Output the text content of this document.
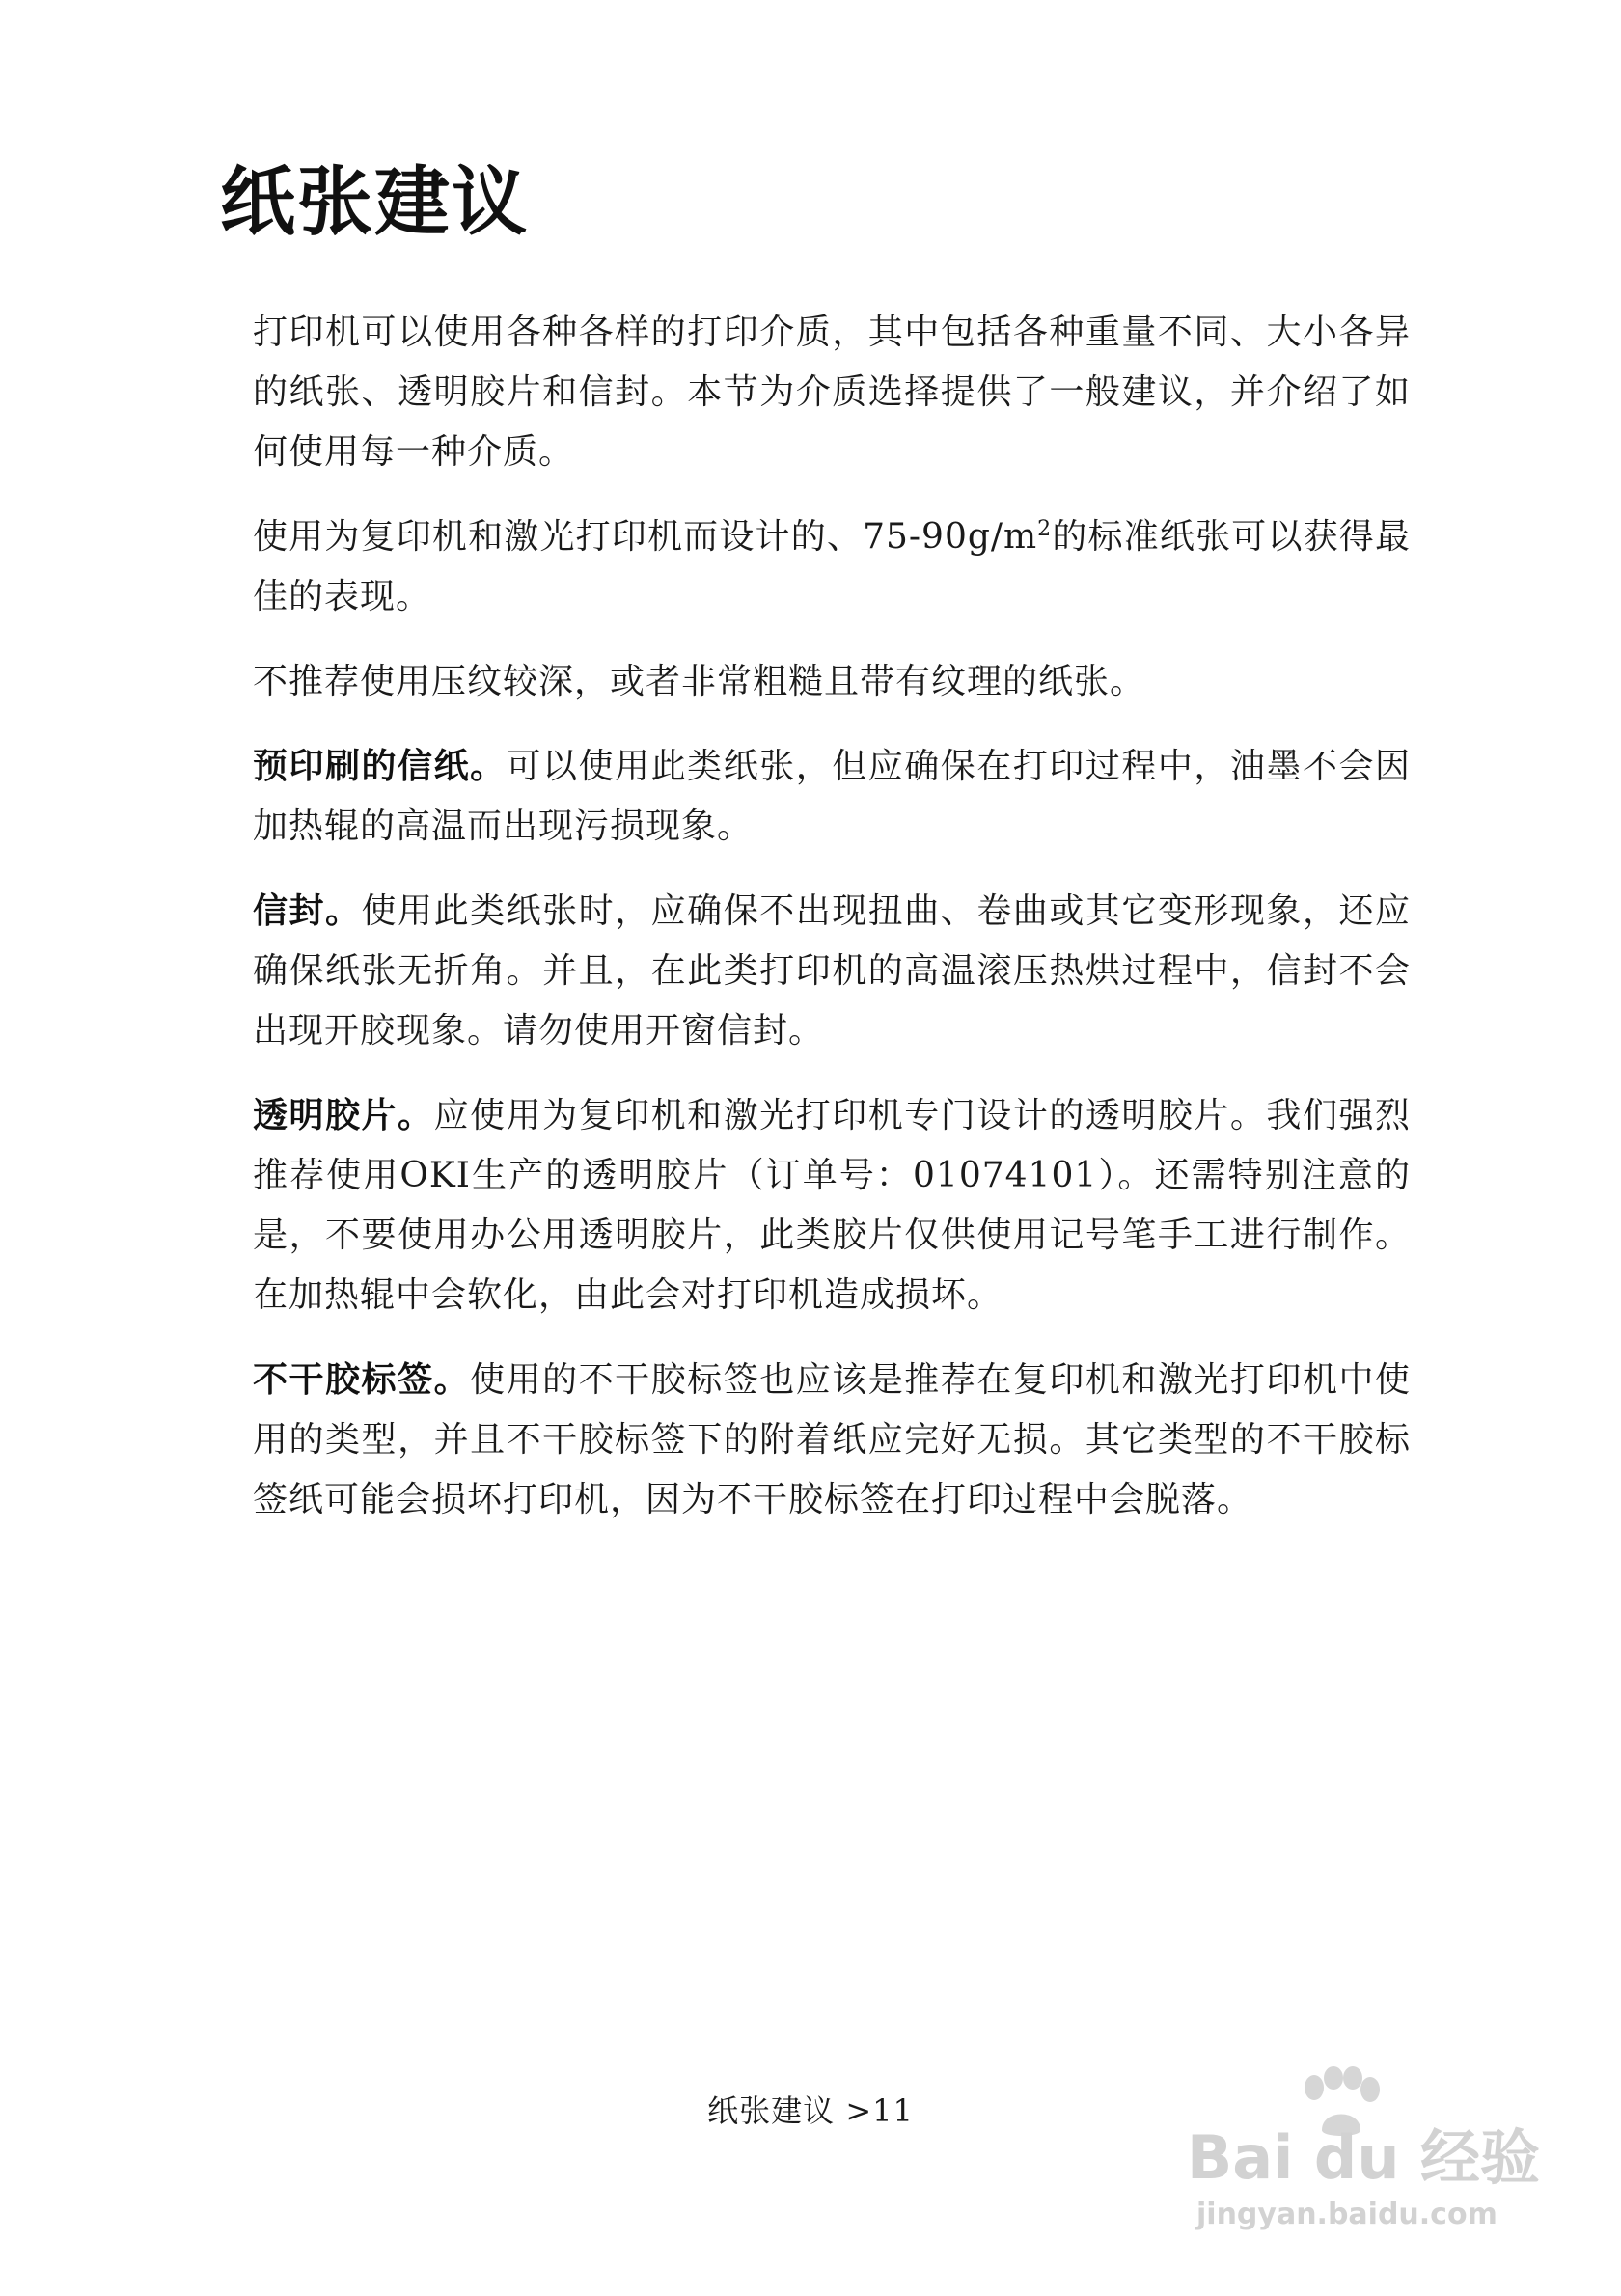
纸张建议

打印机可以使用各种各样的打印介质，其中包括各种重量不同、大小各异的纸张、透明胶片和信封。本节为介质选择提供了一般建议，并介绍了如何使用每一种介质。

使用为复印机和激光打印机而设计的、$75-90g/m^2$的标准纸张可以获得最佳的表现。

不推荐使用压纹较深，或者非常粗糙且带有纹理的纸张。

预印刷的信纸。可以使用此类纸张，但应确保在打印过程中，油墨不会因加热辊的高温而出现污损现象。

信封。使用此类纸张时，应确保不出现扭曲、卷曲或其它变形现象，还应确保纸张无折角。并且，在此类打印机的高温滚压热烘过程中，信封不会出现开胶现象。请勿使用开窗信封。

透明胶片。应使用为复印机和激光打印机专门设计的透明胶片。我们强烈推荐使用OKI生产的透明胶片（订单号：01074101）。还需特别注意的是，不要使用办公用透明胶片，此类胶片仅供使用记号笔手工进行制作。在加热辊中会软化，由此会对打印机造成损坏。

不干胶标签。使用的不干胶标签也应该是推荐在复印机和激光打印机中使用的类型，并且不干胶标签下的附着纸应完好无损。其它类型的不干胶标签纸可能会损坏打印机，因为不干胶标签在打印过程中会脱落。

纸张建议 >11
Bai du 经验
jingyan.baidu.com
